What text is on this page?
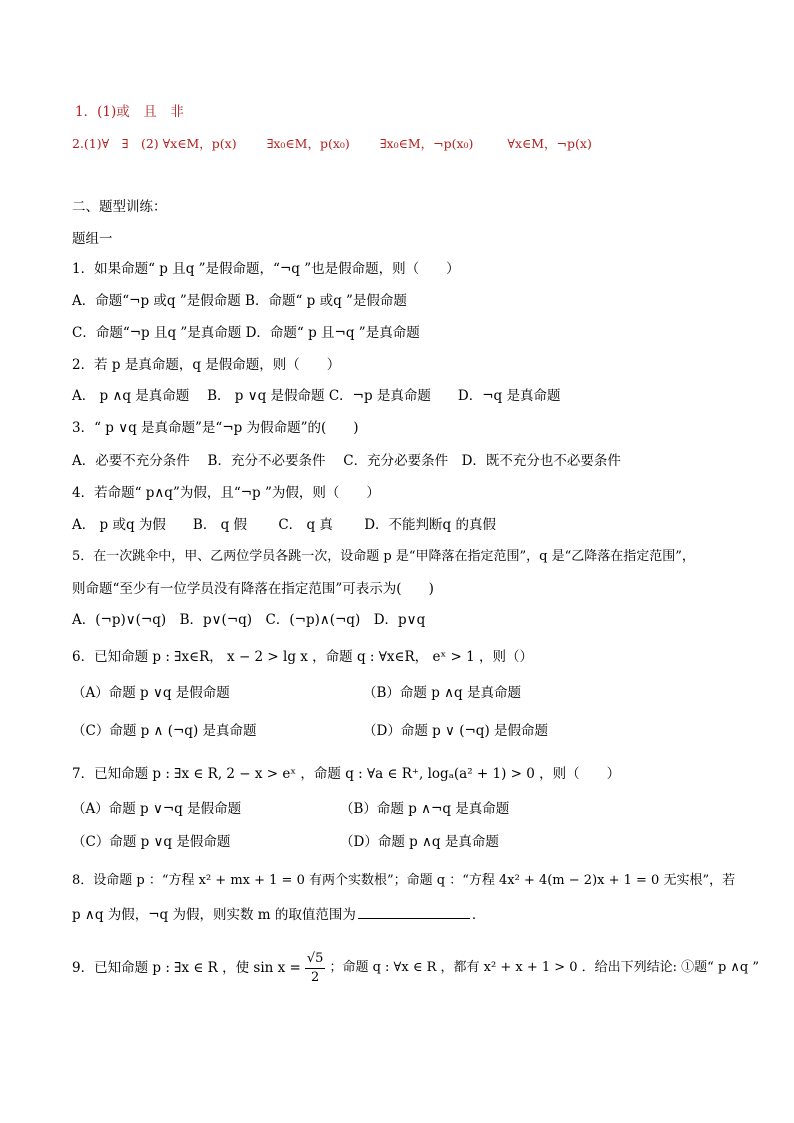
1．(1)或　且　非
2.(1)∀　∃　(2) ∀x∈M，p(x) ∃x₀∈M，p(x₀) ∃x₀∈M，¬p(x₀)	∀x∈M，¬p(x)
二、题型训练：
题组一
1．如果命题“ p 且q ”是假命题，“¬q ”也是假命题，则（　　）
A．命题“¬p 或q ”是假命题 B．命题“ p 或q ”是假命题
C．命题“¬p 且q ”是真命题 D．命题“ p 且¬q ”是真命题
2．若 p 是真命题，q 是假命题，则（　　）
A． p ∧q 是真命题　 B． p ∨q 是假命题 C．¬p 是真命题　　D．¬q 是真命题
3．“ p ∨q 是真命题”是“¬p 为假命题”的(　　)
A．必要不充分条件　 B．充分不必要条件　 C．充分必要条件　D．既不充分也不必要条件
4．若命题“ p∧q”为假，且“¬p ”为假，则（　　）
A． p 或q 为假　　B． q 假　　 C． q 真　　 D．不能判断q 的真假
5．在一次跳伞中，甲、乙两位学员各跳一次，设命题 p 是“甲降落在指定范围”，q 是“乙降落在指定范围”，
则命题“至少有一位学员没有降落在指定范围”可表示为(　　)
A．(¬p)∨(¬q)　B．p∨(¬q)　C．(¬p)∧(¬q)　D．p∨q
6．已知命题 p : ∃x∈R， x − 2 > lg x ，命题 q : ∀x∈R， eˣ > 1 ，则（）
（A）命题 p ∨q 是假命题	（B）命题 p ∧q 是真命题
（C）命题 p ∧ (¬q) 是真命题	（D）命题 p ∨ (¬q) 是假命题
7．已知命题 p : ∃x ∈ R, 2 − x > eˣ ，命题 q : ∀a ∈ R⁺, logₐ(a² + 1) > 0 ，则（　　）
（A）命题 p ∨¬q 是假命题	（B）命题 p ∧¬q 是真命题
（C）命题 p ∨q 是假命题	（D）命题 p ∧q 是真命题
8．设命题 p ：“方程 x² + mx + 1 = 0 有两个实数根”；命题 q ：“方程 4x² + 4(m − 2)x + 1 = 0 无实根”，若
p ∧q 为假，¬q 为假，则实数 m 的取值范围为	．
9．已知命题 p : ∃x ∈ R ，使 $\sin x = \frac{√5}{2}$ ；命题 q : ∀x ∈ R ，都有 x² + x + 1 > 0 ．给出下列结论: ①题“ p ∧q ”
